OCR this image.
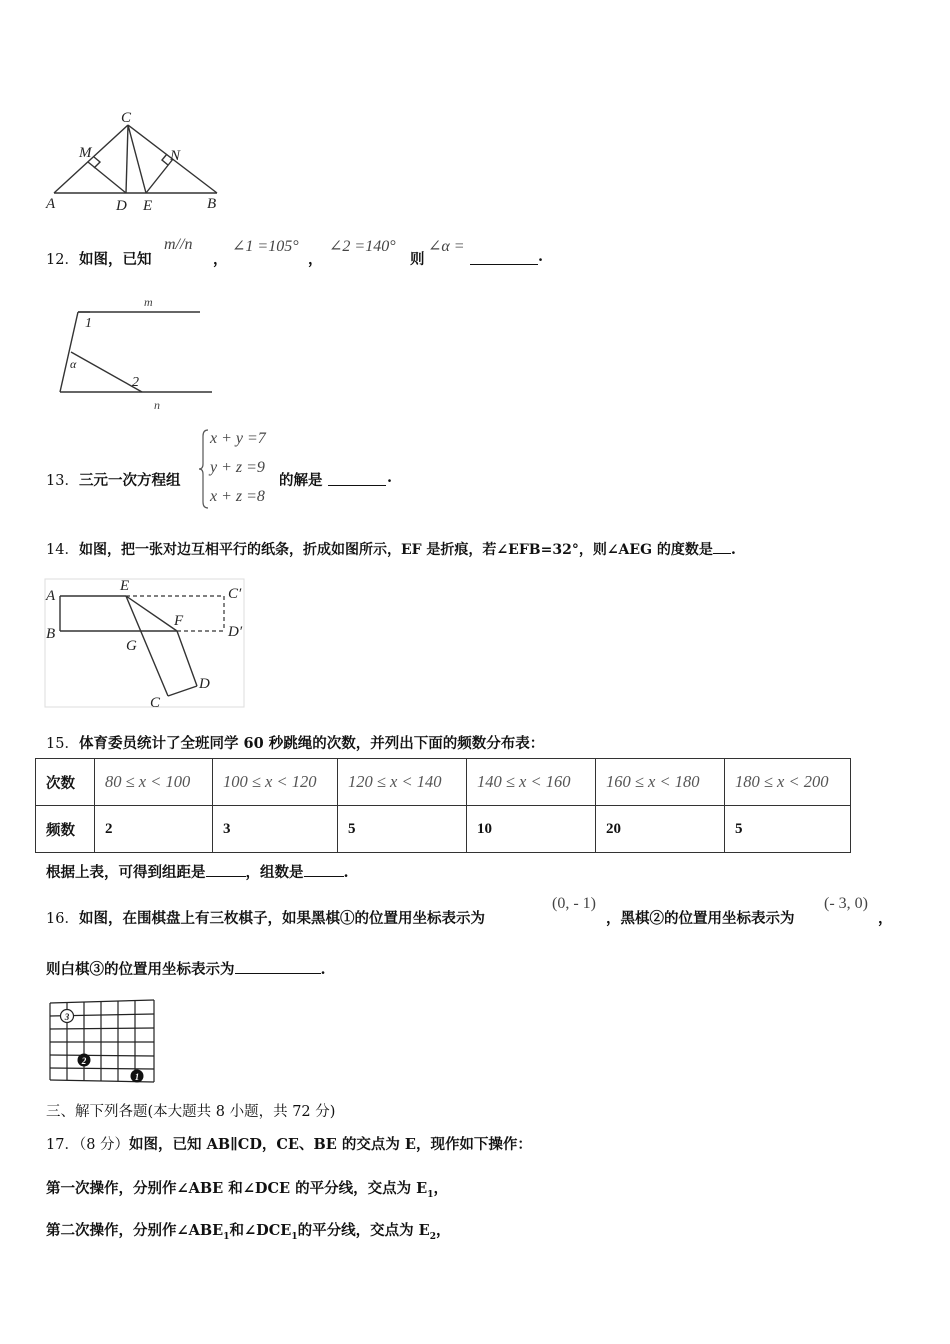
C
M	N
A	D E	B
12． 如图，已知
m//n
，
∠1 =105°
，
∠2 =140°
则
∠α =
.
m
1
α
2
n
13． 三元一次方程组
x + y =7
y + z =9
x + z =8
的解是	.
14．如图，把一张对边互相平行的纸条，折成如图所示，EF 是折痕，若∠EFB=32°，则∠AEG 的度数是 .
A
E	C′
B
F
D′
G
D
C
15．体育委员统计了全班同学 60 秒跳绳的次数，并列出下面的频数分布表：
次数	80 ≤ x < 100	100 ≤ x < 120	120 ≤ x < 140	140 ≤ x < 160	160 ≤ x < 180	180 ≤ x < 200
频数	2	3	5	10	20	5
根据上表，可得到组距是	，组数是	.
16． 如图，在围棋盘上有三枚棋子，如果黑棋①的位置用坐标表示为
(0, - 1)
，黑棋②的位置用坐标表示为
(- 3, 0)
，
则白棋③的位置用坐标表示为	.
3
2
1
三、解下列各题(本大题共 8 小题，共 72 分)
17．（8 分）如图，已知 AB∥CD，CE、BE 的交点为 E，现作如下操作：
第一次操作，分别作∠ABE 和∠DCE 的平分线，交点为 $E_1$，
第二次操作，分别作$\angle ABE_1$和$\angle DCE_1$的平分线，交点为 $E_2$，
